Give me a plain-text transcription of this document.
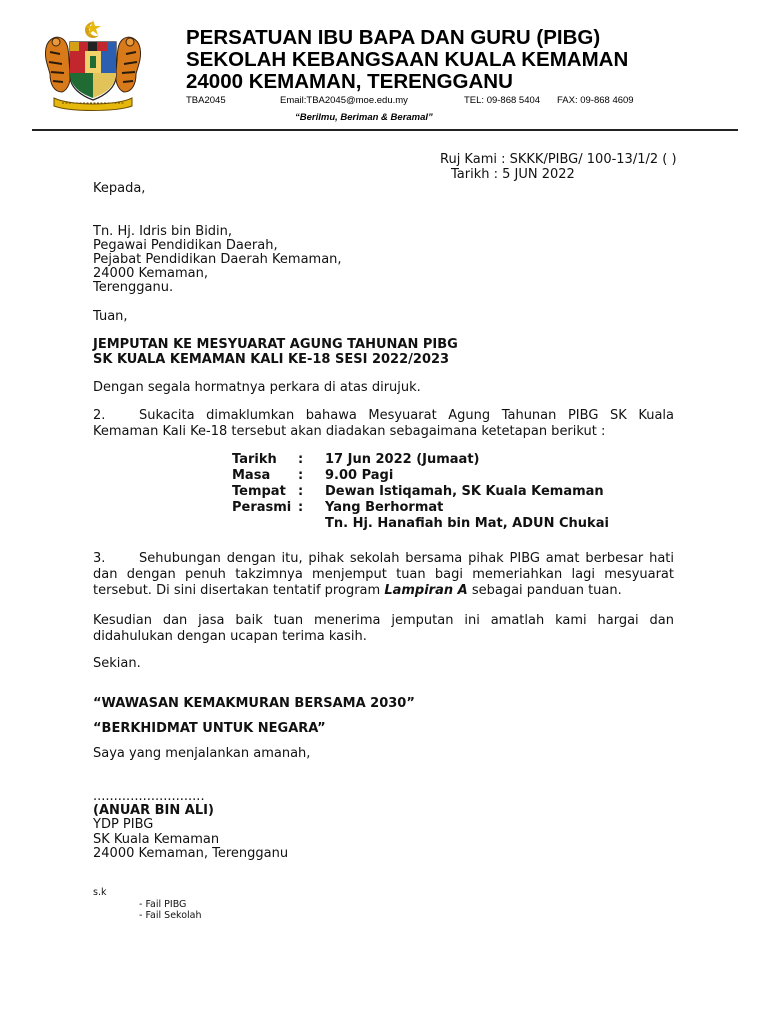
PERSATUAN IBU BAPA DAN GURU (PIBG)
SEKOLAH KEBANGSAAN KUALA KEMAMAN
24000 KEMAMAN, TERENGGANU
TBA2045	Email:TBA2045@moe.edu.my	TEL: 09-868 5404 FAX: 09-868 4609
“Berilmu, Beriman & Beramal”
Ruj Kami : SKKK/PIBG/ 100-13/1/2 ( )
Tarikh : 5 JUN 2022
Kepada,
Tn. Hj. Idris bin Bidin,
Pegawai Pendidikan Daerah,
Pejabat Pendidikan Daerah Kemaman,
24000 Kemaman,
Terengganu.
Tuan,
JEMPUTAN KE MESYUARAT AGUNG TAHUNAN PIBG
SK KUALA KEMAMAN KALI KE-18 SESI 2022/2023
Dengan segala hormatnya perkara di atas dirujuk.
2.	Sukacita dimaklumkan bahawa Mesyuarat Agung Tahunan PIBG SK Kuala Kemaman Kali Ke-18 tersebut akan diadakan sebagaimana ketetapan berikut :
Tarikh	:	17 Jun 2022 (Jumaat)
Masa	:	9.00 Pagi
Tempat :	Dewan Istiqamah, SK Kuala Kemaman
Perasmi :	Yang Berhormat
Tn. Hj. Hanafiah bin Mat, ADUN Chukai
3.	Sehubungan dengan itu, pihak sekolah bersama pihak PIBG amat berbesar hati dan dengan penuh takzimnya menjemput tuan bagi memeriahkan lagi mesyuarat tersebut. Di sini disertakan tentatif program Lampiran A sebagai panduan tuan.
Kesudian dan jasa baik tuan menerima jemputan ini amatlah kami hargai dan didahulukan dengan ucapan terima kasih.
Sekian.
“WAWASAN KEMAKMURAN BERSAMA 2030”
“BERKHIDMAT UNTUK NEGARA”
Saya yang menjalankan amanah,
...........................
(ANUAR BIN ALI)
YDP PIBG
SK Kuala Kemaman
24000 Kemaman, Terengganu
s.k
- Fail PIBG
- Fail Sekolah
